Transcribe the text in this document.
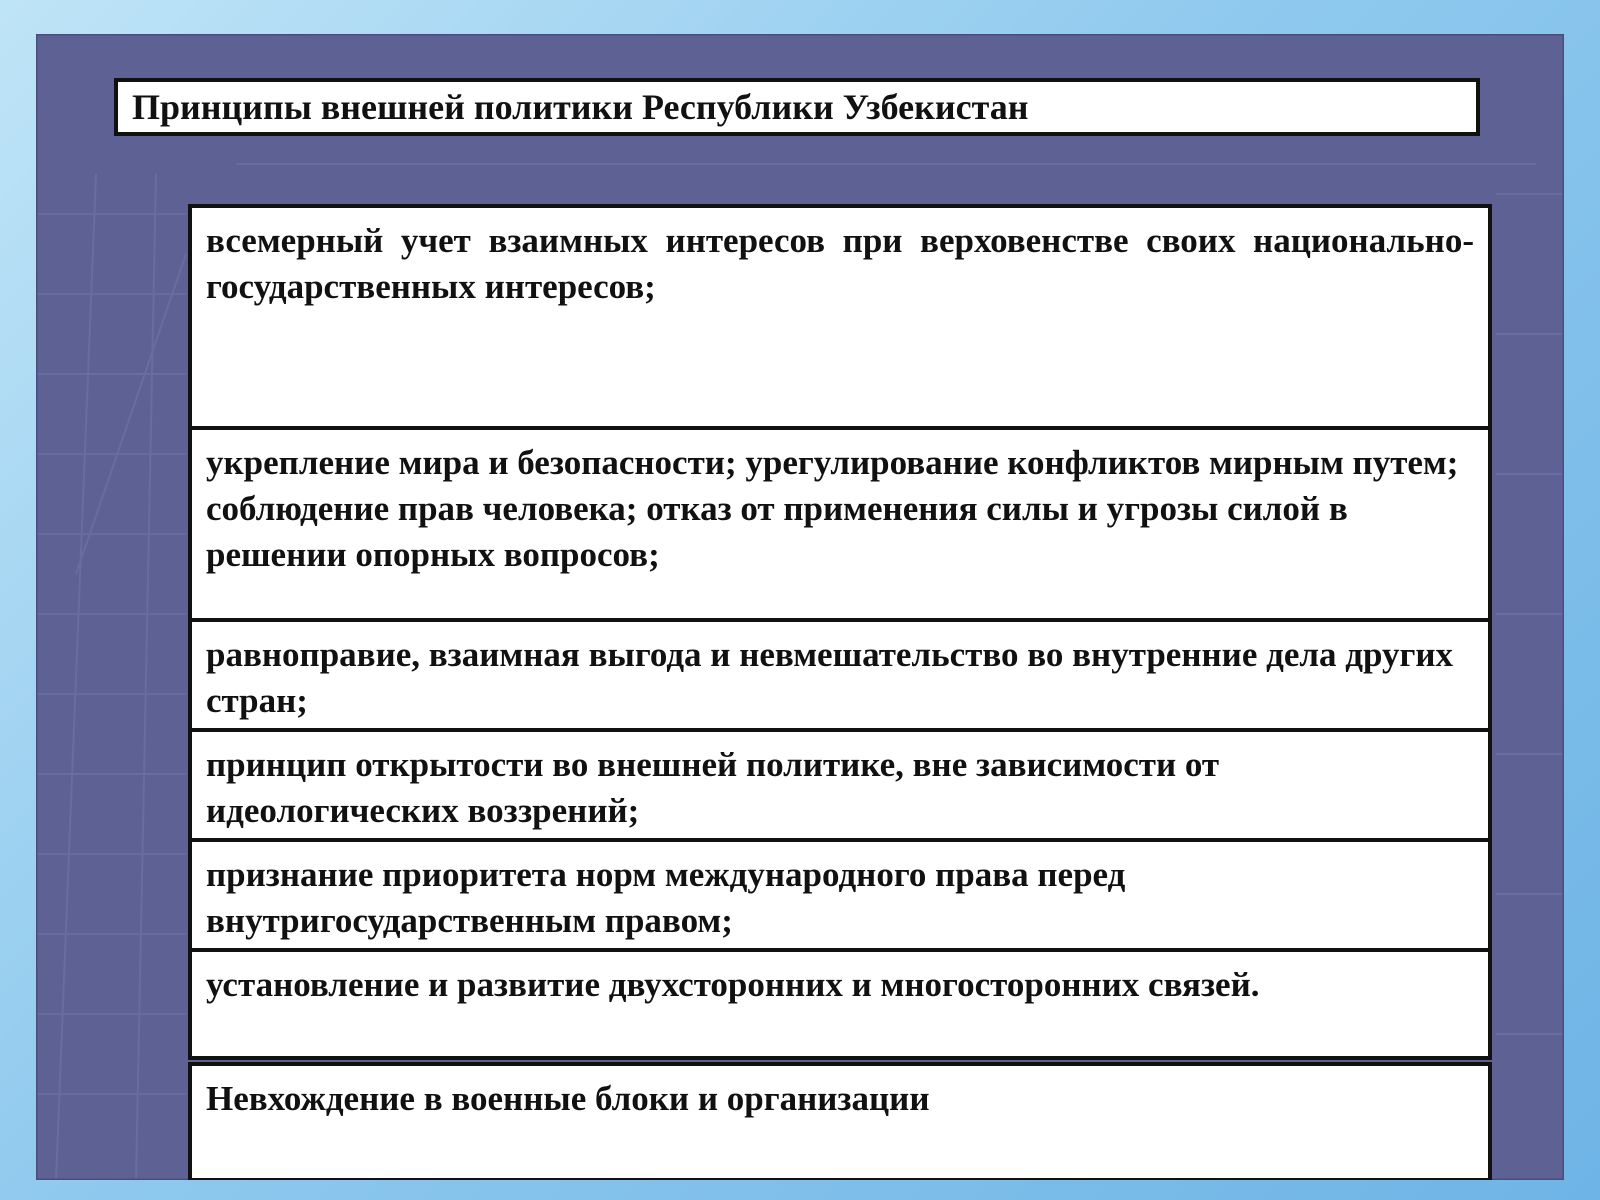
Принципы внешней политики Республики Узбекистан

всемерный учет взаимных интересов при верховенстве своих национально-государственных интересов;

укрепление мира и безопасности; урегулирование конфликтов мирным путем; соблюдение прав человека; отказ от применения силы и угрозы силой в решении опорных вопросов;

равноправие, взаимная выгода и невмешательство во внутренние дела других стран;

принцип открытости во внешней политике, вне зависимости от идеологических воззрений;

признание приоритета норм международного права перед внутригосударственным правом;

установление и развитие двухсторонних и многосторонних связей.

Невхождение в военные блоки и организации
